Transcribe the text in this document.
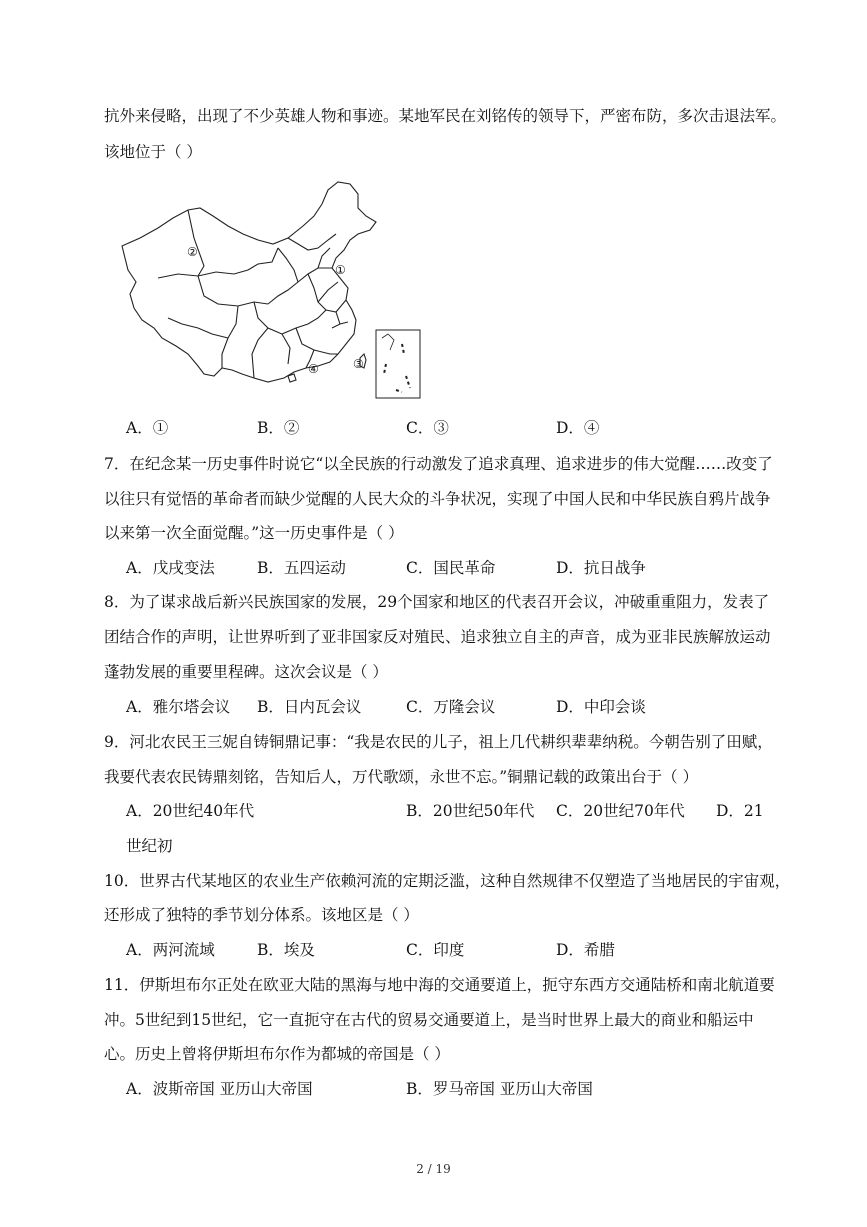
抗外来侵略，出现了不少英雄人物和事迹。某地军民在刘铭传的领导下，严密布防，多次击退法军。
该地位于（ ）
①
②
③
④
A．①	B．②	C．③	D．④
7．在纪念某一历史事件时说它“以全民族的行动激发了追求真理、追求进步的伟大觉醒……改变了
以往只有觉悟的革命者而缺少觉醒的人民大众的斗争状况，实现了中国人民和中华民族自鸦片战争
以来第一次全面觉醒。”这一历史事件是（ ）
A．戊戌变法	B．五四运动	C．国民革命	D．抗日战争
8．为了谋求战后新兴民族国家的发展，29个国家和地区的代表召开会议，冲破重重阻力，发表了
团结合作的声明，让世界听到了亚非国家反对殖民、追求独立自主的声音，成为亚非民族解放运动
蓬勃发展的重要里程碑。这次会议是（ ）
A．雅尔塔会议 B．日内瓦会议	C．万隆会议	D．中印会谈
9．河北农民王三妮自铸铜鼎记事：“我是农民的儿子，祖上几代耕织辈辈纳税。今朝告别了田赋，
我要代表农民铸鼎刻铭，告知后人，万代歌颂，永世不忘。”铜鼎记载的政策出台于（ ）
A．20世纪40年代	B．20世纪50年代 C．20世纪70年代 D．21
世纪初
10．世界古代某地区的农业生产依赖河流的定期泛滥，这种自然规律不仅塑造了当地居民的宇宙观，
还形成了独特的季节划分体系。该地区是（ ）
A．两河流域	B．埃及	C．印度	D．希腊
11．伊斯坦布尔正处在欧亚大陆的黑海与地中海的交通要道上，扼守东西方交通陆桥和南北航道要
冲。5世纪到15世纪，它一直扼守在古代的贸易交通要道上，是当时世界上最大的商业和船运中
心。历史上曾将伊斯坦布尔作为都城的帝国是（ ）
A．波斯帝国 亚历山大帝国	B．罗马帝国 亚历山大帝国
2 / 19
